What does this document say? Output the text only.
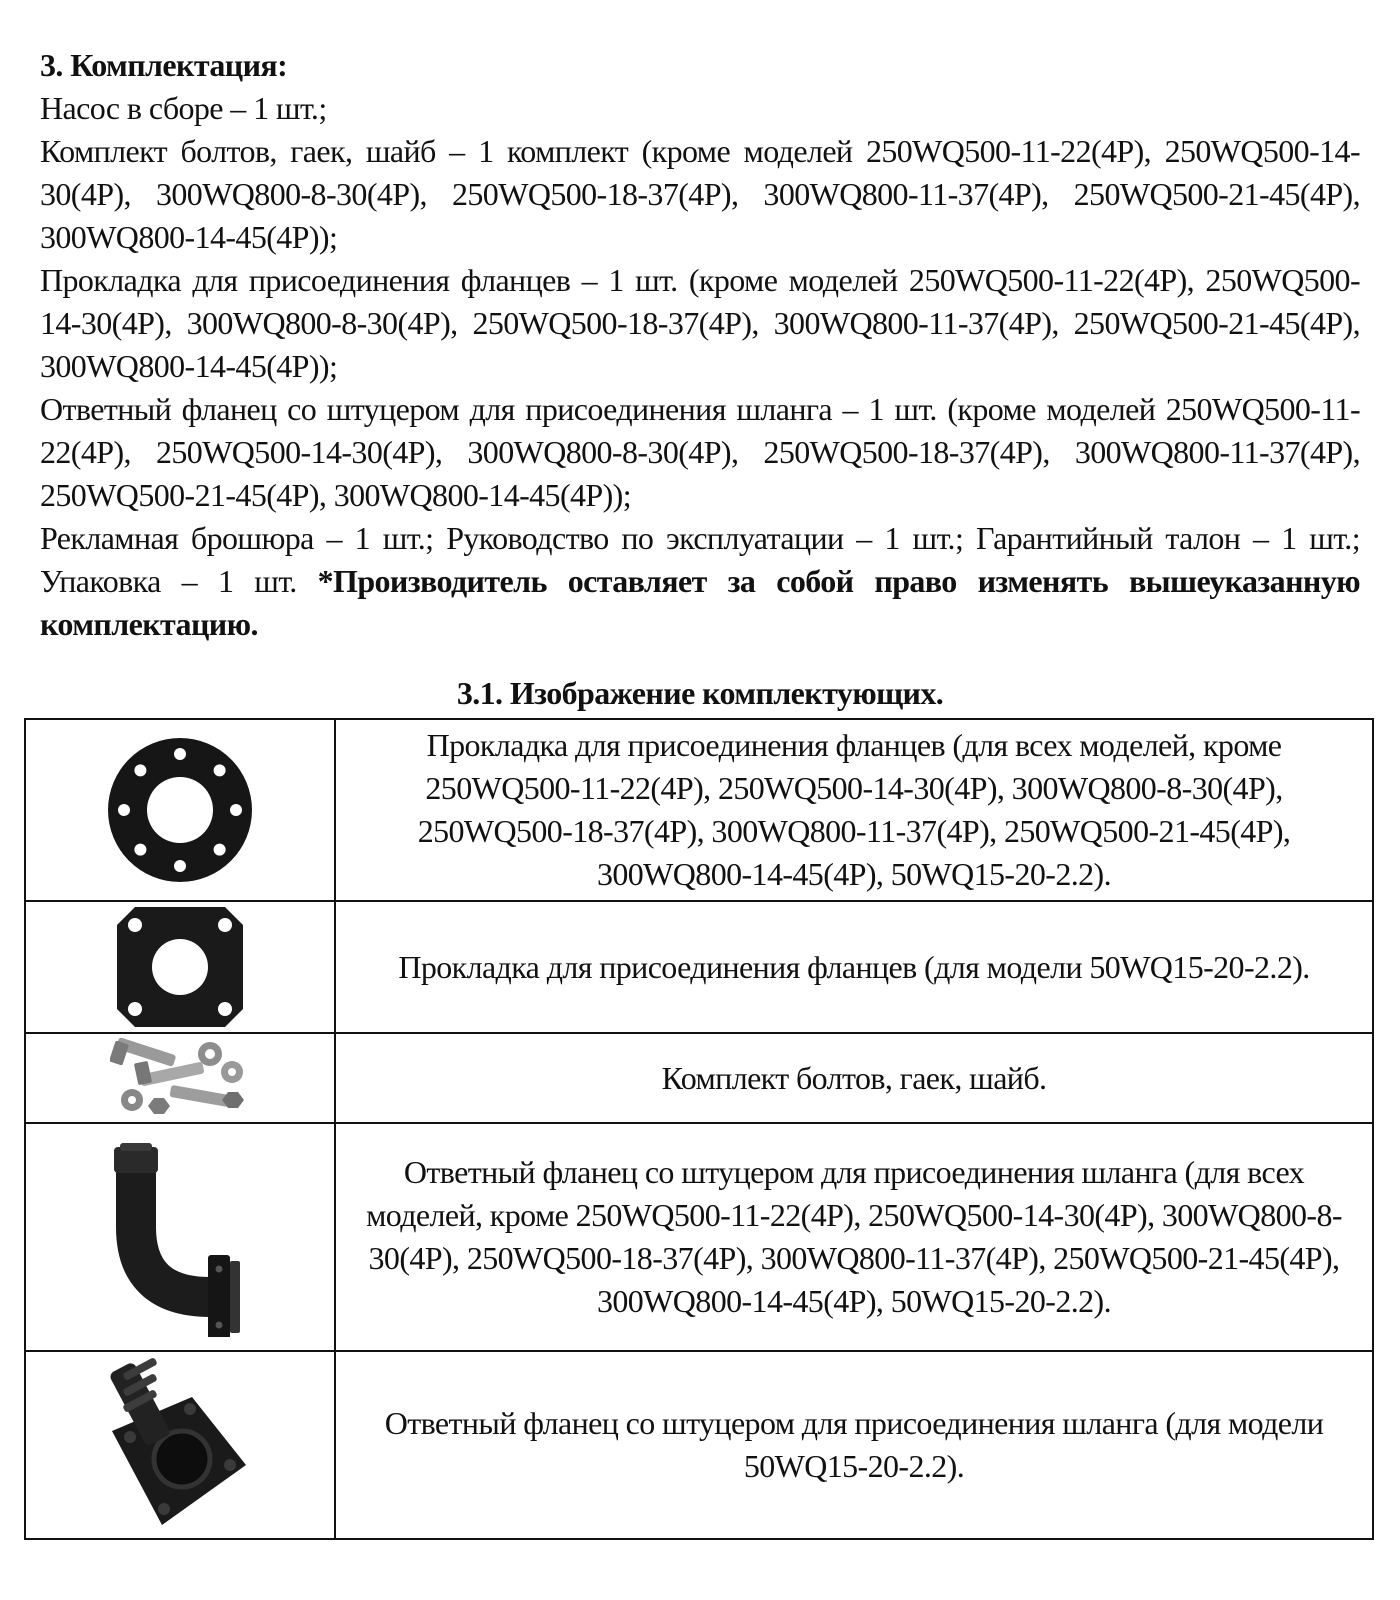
3. Комплектация:

Насос в сборе – 1 шт.;

Комплект болтов, гаек, шайб – 1 комплект (кроме моделей 250WQ500-11-22(4P), 250WQ500-14-30(4P), 300WQ800-8-30(4P), 250WQ500-18-37(4P), 300WQ800-11-37(4P), 250WQ500-21-45(4P), 300WQ800-14-45(4P));

Прокладка для присоединения фланцев – 1 шт. (кроме моделей 250WQ500-11-22(4P), 250WQ500-14-30(4P), 300WQ800-8-30(4P), 250WQ500-18-37(4P), 300WQ800-11-37(4P), 250WQ500-21-45(4P), 300WQ800-14-45(4P));

Ответный фланец со штуцером для присоединения шланга – 1 шт. (кроме моделей 250WQ500-11-22(4P), 250WQ500-14-30(4P), 300WQ800-8-30(4P), 250WQ500-18-37(4P), 300WQ800-11-37(4P), 250WQ500-21-45(4P), 300WQ800-14-45(4P));

Рекламная брошюра – 1 шт.; Руководство по эксплуатации – 1 шт.; Гарантийный талон – 1 шт.; Упаковка – 1 шт. *Производитель оставляет за собой право изменять вышеуказанную комплектацию.

3.1. Изображение комплектующих.
	Прокладка для присоединения фланцев (для всех моделей, кроме 250WQ500-11-22(4P), 250WQ500-14-30(4P), 300WQ800-8-30(4P), 250WQ500-18-37(4P), 300WQ800-11-37(4P), 250WQ500-21-45(4P), 300WQ800-14-45(4P), 50WQ15-20-2.2).

	Прокладка для присоединения фланцев (для модели 50WQ15-20-2.2).

	Комплект болтов, гаек, шайб.

	Ответный фланец со штуцером для присоединения шланга (для всех моделей, кроме 250WQ500-11-22(4P), 250WQ500-14-30(4P), 300WQ800-8-30(4P), 250WQ500-18-37(4P), 300WQ800-11-37(4P), 250WQ500-21-45(4P), 300WQ800-14-45(4P), 50WQ15-20-2.2).

	Ответный фланец со штуцером для присоединения шланга (для модели 50WQ15-20-2.2).
